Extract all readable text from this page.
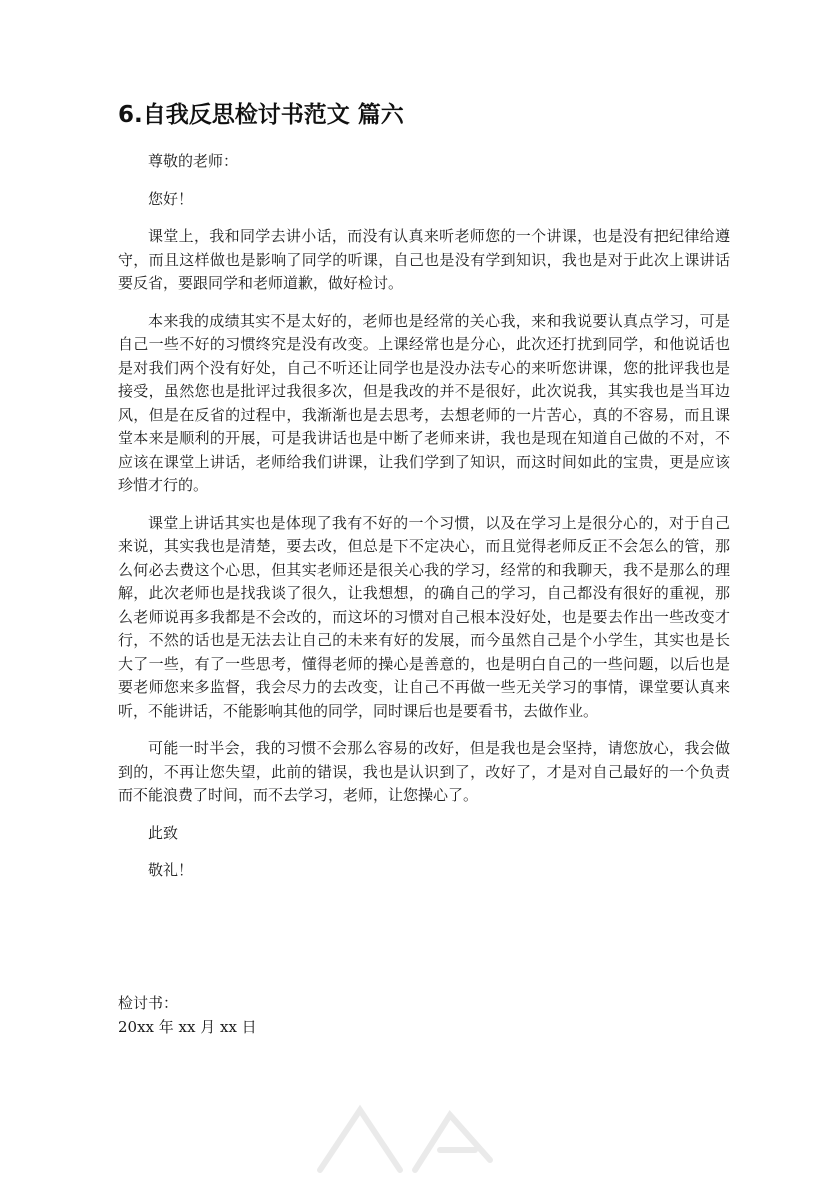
6.自我反思检讨书范文 篇六

尊敬的老师：

您好！

课堂上，我和同学去讲小话，而没有认真来听老师您的一个讲课，也是没有把纪律给遵守，而且这样做也是影响了同学的听课，自己也是没有学到知识，我也是对于此次上课讲话要反省，要跟同学和老师道歉，做好检讨。

本来我的成绩其实不是太好的，老师也是经常的关心我，来和我说要认真点学习，可是自己一些不好的习惯终究是没有改变。上课经常也是分心，此次还打扰到同学，和他说话也是对我们两个没有好处，自己不听还让同学也是没办法专心的来听您讲课，您的批评我也是接受，虽然您也是批评过我很多次，但是我改的并不是很好，此次说我，其实我也是当耳边风，但是在反省的过程中，我渐渐也是去思考，去想老师的一片苦心，真的不容易，而且课堂本来是顺利的开展，可是我讲话也是中断了老师来讲，我也是现在知道自己做的不对，不应该在课堂上讲话，老师给我们讲课，让我们学到了知识，而这时间如此的宝贵，更是应该珍惜才行的。

课堂上讲话其实也是体现了我有不好的一个习惯，以及在学习上是很分心的，对于自己来说，其实我也是清楚，要去改，但总是下不定决心，而且觉得老师反正不会怎么的管，那么何必去费这个心思，但其实老师还是很关心我的学习，经常的和我聊天，我不是那么的理解，此次老师也是找我谈了很久，让我想想，的确自己的学习，自己都没有很好的重视，那么老师说再多我都是不会改的，而这坏的习惯对自己根本没好处，也是要去作出一些改变才行，不然的话也是无法去让自己的未来有好的发展，而今虽然自己是个小学生，其实也是长大了一些，有了一些思考，懂得老师的操心是善意的，也是明白自己的一些问题，以后也是要老师您来多监督，我会尽力的去改变，让自己不再做一些无关学习的事情，课堂要认真来听，不能讲话，不能影响其他的同学，同时课后也是要看书，去做作业。

可能一时半会，我的习惯不会那么容易的改好，但是我也是会坚持，请您放心，我会做到的，不再让您失望，此前的错误，我也是认识到了，改好了，才是对自己最好的一个负责而不能浪费了时间，而不去学习，老师，让您操心了。

此致

敬礼！

检讨书：
20xx 年 xx 月 xx 日
